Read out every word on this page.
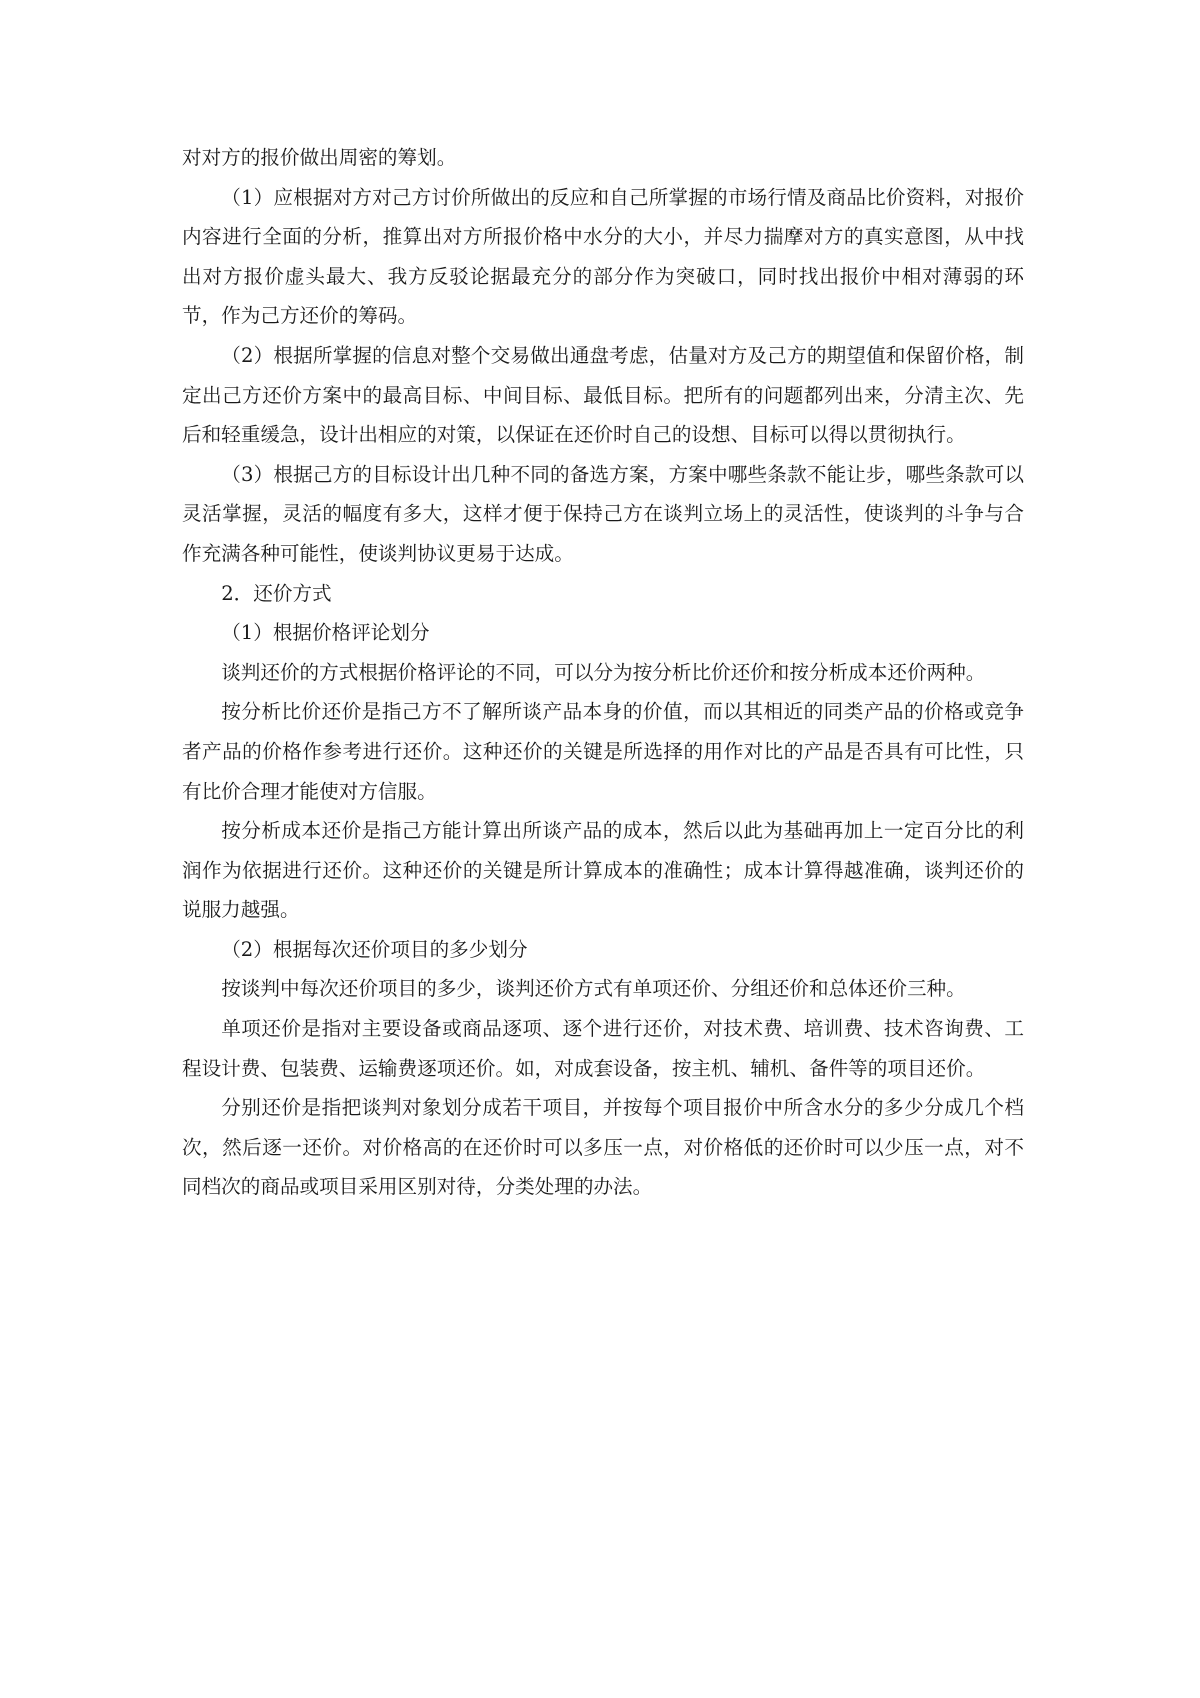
对对方的报价做出周密的筹划。

（1）应根据对方对己方讨价所做出的反应和自己所掌握的市场行情及商品比价资料，对报价内容进行全面的分析，推算出对方所报价格中水分的大小，并尽力揣摩对方的真实意图，从中找出对方报价虚头最大、我方反驳论据最充分的部分作为突破口，同时找出报价中相对薄弱的环节，作为己方还价的筹码。

（2）根据所掌握的信息对整个交易做出通盘考虑，估量对方及己方的期望值和保留价格，制定出己方还价方案中的最高目标、中间目标、最低目标。把所有的问题都列出来，分清主次、先后和轻重缓急，设计出相应的对策，以保证在还价时自己的设想、目标可以得以贯彻执行。

（3）根据己方的目标设计出几种不同的备选方案，方案中哪些条款不能让步，哪些条款可以灵活掌握，灵活的幅度有多大，这样才便于保持己方在谈判立场上的灵活性，使谈判的斗争与合作充满各种可能性，使谈判协议更易于达成。

2．还价方式

（1）根据价格评论划分

谈判还价的方式根据价格评论的不同，可以分为按分析比价还价和按分析成本还价两种。

按分析比价还价是指己方不了解所谈产品本身的价值，而以其相近的同类产品的价格或竞争者产品的价格作参考进行还价。这种还价的关键是所选择的用作对比的产品是否具有可比性，只有比价合理才能使对方信服。

按分析成本还价是指己方能计算出所谈产品的成本，然后以此为基础再加上一定百分比的利润作为依据进行还价。这种还价的关键是所计算成本的准确性；成本计算得越准确，谈判还价的说服力越强。

（2）根据每次还价项目的多少划分

按谈判中每次还价项目的多少，谈判还价方式有单项还价、分组还价和总体还价三种。

单项还价是指对主要设备或商品逐项、逐个进行还价，对技术费、培训费、技术咨询费、工程设计费、包装费、运输费逐项还价。如，对成套设备，按主机、辅机、备件等的项目还价。

分别还价是指把谈判对象划分成若干项目，并按每个项目报价中所含水分的多少分成几个档次，然后逐一还价。对价格高的在还价时可以多压一点，对价格低的还价时可以少压一点，对不同档次的商品或项目采用区别对待，分类处理的办法。
